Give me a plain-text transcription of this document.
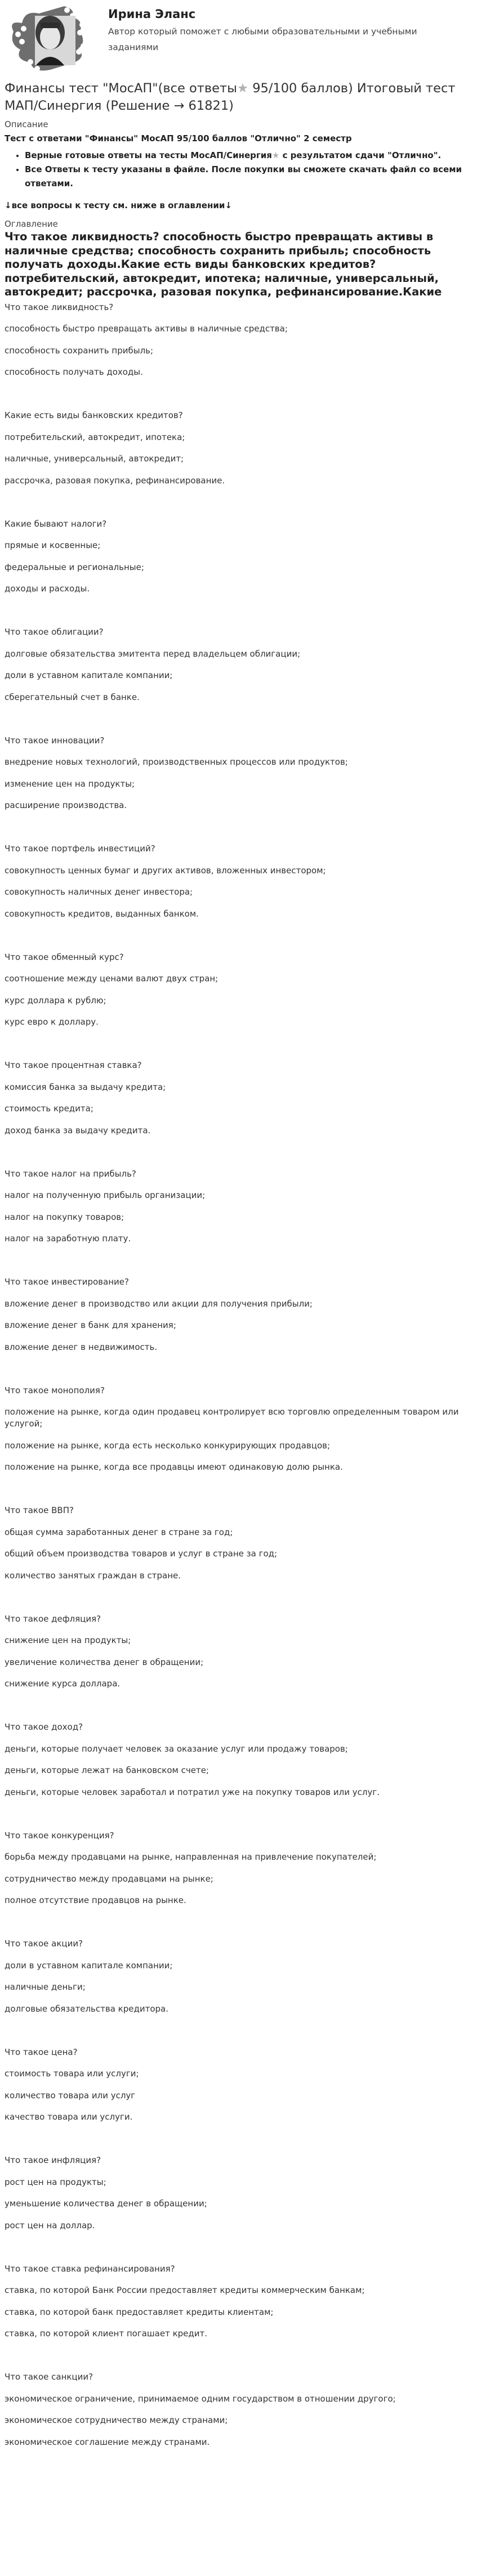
Ирина Эланс
Автор который поможет с любыми образовательными и учебными заданиями
Финансы тест "МосАП"(все ответы★ 95/100 баллов) Итоговый тест МАП/Синергия (Решение → 61821)
Описание

Тест с ответами "Финансы" МосАП 95/100 баллов "Отлично" 2 семестр

• Верные готовые ответы на тесты МосАП/Синергия★ с результатом сдачи "Отлично".
• Все Ответы к тесту указаны в файле. После покупки вы сможете скачать файл со всеми ответами.
↓все вопросы к тесту см. ниже в оглавлении↓
Оглавление
Что такое ликвидность? способность быстро превращать активы в наличные средства; способность сохранить прибыль; способность получать доходы.Какие есть виды банковских кредитов? потребительский, автокредит, ипотека; наличные, универсальный, автокредит; рассрочка, разовая покупка, рефинансирование.Какие

Что такое ликвидность?

способность быстро превращать активы в наличные средства;

способность сохранить прибыль;

способность получать доходы.

Какие есть виды банковских кредитов?

потребительский, автокредит, ипотека;

наличные, универсальный, автокредит;

рассрочка, разовая покупка, рефинансирование.

Какие бывают налоги?

прямые и косвенные;

федеральные и региональные;

доходы и расходы.

Что такое облигации?

долговые обязательства эмитента перед владельцем облигации;

доли в уставном капитале компании;

сберегательный счет в банке.

Что такое инновации?

внедрение новых технологий, производственных процессов или продуктов;

изменение цен на продукты;

расширение производства.

Что такое портфель инвестиций?

совокупность ценных бумаг и других активов, вложенных инвестором;

совокупность наличных денег инвестора;

совокупность кредитов, выданных банком.

Что такое обменный курс?

соотношение между ценами валют двух стран;

курс доллара к рублю;

курс евро к доллару.

Что такое процентная ставка?

комиссия банка за выдачу кредита;

стоимость кредита;

доход банка за выдачу кредита.

Что такое налог на прибыль?

налог на полученную прибыль организации;

налог на покупку товаров;

налог на заработную плату.

Что такое инвестирование?

вложение денег в производство или акции для получения прибыли;

вложение денег в банк для хранения;

вложение денег в недвижимость.

Что такое монополия?

положение на рынке, когда один продавец контролирует всю торговлю определенным товаром или услугой;

положение на рынке, когда есть несколько конкурирующих продавцов;

положение на рынке, когда все продавцы имеют одинаковую долю рынка.

Что такое ВВП?

общая сумма заработанных денег в стране за год;

общий объем производства товаров и услуг в стране за год;

количество занятых граждан в стране.

Что такое дефляция?

снижение цен на продукты;

увеличение количества денег в обращении;

снижение курса доллара.

Что такое доход?

деньги, которые получает человек за оказание услуг или продажу товаров;

деньги, которые лежат на банковском счете;

деньги, которые человек заработал и потратил уже на покупку товаров или услуг.

Что такое конкуренция?

борьба между продавцами на рынке, направленная на привлечение покупателей;

сотрудничество между продавцами на рынке;

полное отсутствие продавцов на рынке.

Что такое акции?

доли в уставном капитале компании;

наличные деньги;

долговые обязательства кредитора.

Что такое цена?

стоимость товара или услуги;

количество товара или услуг

качество товара или услуги.

Что такое инфляция?

рост цен на продукты;

уменьшение количества денег в обращении;

рост цен на доллар.

Что такое ставка рефинансирования?

ставка, по которой Банк России предоставляет кредиты коммерческим банкам;

ставка, по которой банк предоставляет кредиты клиентам;

ставка, по которой клиент погашает кредит.

Что такое санкции?

экономическое ограничение, принимаемое одним государством в отношении другого;

экономическое сотрудничество между странами;

экономическое соглашение между странами.
